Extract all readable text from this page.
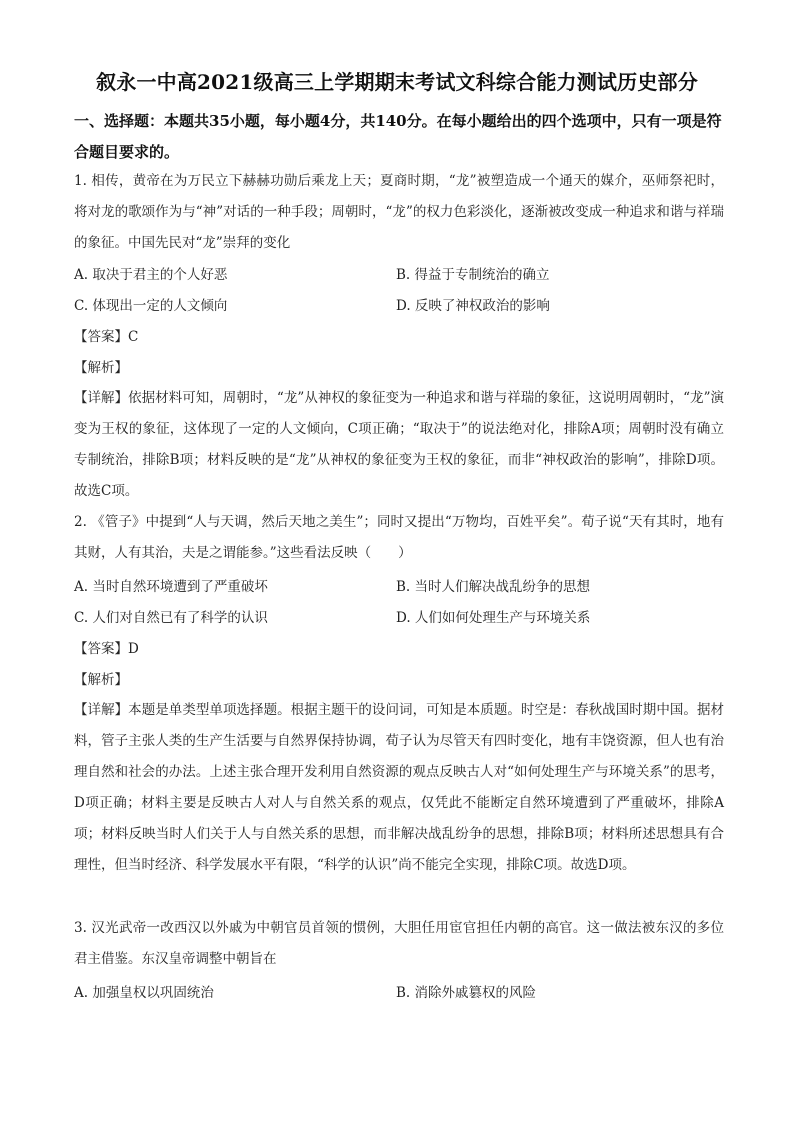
叙永一中高2021级高三上学期期末考试文科综合能力测试历史部分
一、选择题：本题共35小题，每小题4分，共140分。在每小题给出的四个选项中，只有一项是符合题目要求的。
1. 相传，黄帝在为万民立下赫赫功勋后乘龙上天；夏商时期，“龙”被塑造成一个通天的媒介，巫师祭祀时，将对龙的歌颂作为与“神”对话的一种手段；周朝时，“龙”的权力色彩淡化，逐渐被改变成一种追求和谐与祥瑞的象征。中国先民对“龙”崇拜的变化
A. 取决于君主的个人好恶	B. 得益于专制统治的确立
C. 体现出一定的人文倾向	D. 反映了神权政治的影响
【答案】C
【解析】
【详解】依据材料可知，周朝时，“龙”从神权的象征变为一种追求和谐与祥瑞的象征，这说明周朝时，“龙”演变为王权的象征，这体现了一定的人文倾向，C项正确；“取决于”的说法绝对化，排除A项；周朝时没有确立专制统治，排除B项；材料反映的是“龙”从神权的象征变为王权的象征，而非“神权政治的影响”，排除D项。故选C项。
2. 《管子》中提到“人与天调，然后天地之美生”；同时又提出“万物均，百姓平矣”。荀子说“天有其时，地有其财，人有其治，夫是之谓能参。”这些看法反映（　　）
A. 当时自然环境遭到了严重破坏	B. 当时人们解决战乱纷争的思想
C. 人们对自然已有了科学的认识	D. 人们如何处理生产与环境关系
【答案】D
【解析】
【详解】本题是单类型单项选择题。根据主题干的设问词，可知是本质题。时空是：春秋战国时期中国。据材料，管子主张人类的生产生活要与自然界保持协调，荀子认为尽管天有四时变化，地有丰饶资源，但人也有治理自然和社会的办法。上述主张合理开发利用自然资源的观点反映古人对“如何处理生产与环境关系”的思考，D项正确；材料主要是反映古人对人与自然关系的观点，仅凭此不能断定自然环境遭到了严重破坏，排除A项；材料反映当时人们关于人与自然关系的思想，而非解决战乱纷争的思想，排除B项；材料所述思想具有合理性，但当时经济、科学发展水平有限，“科学的认识”尚不能完全实现，排除C项。故选D项。
3. 汉光武帝一改西汉以外戚为中朝官员首领的惯例，大胆任用宦官担任内朝的高官。这一做法被东汉的多位君主借鉴。东汉皇帝调整中朝旨在
A. 加强皇权以巩固统治	B. 消除外戚篡权的风险
